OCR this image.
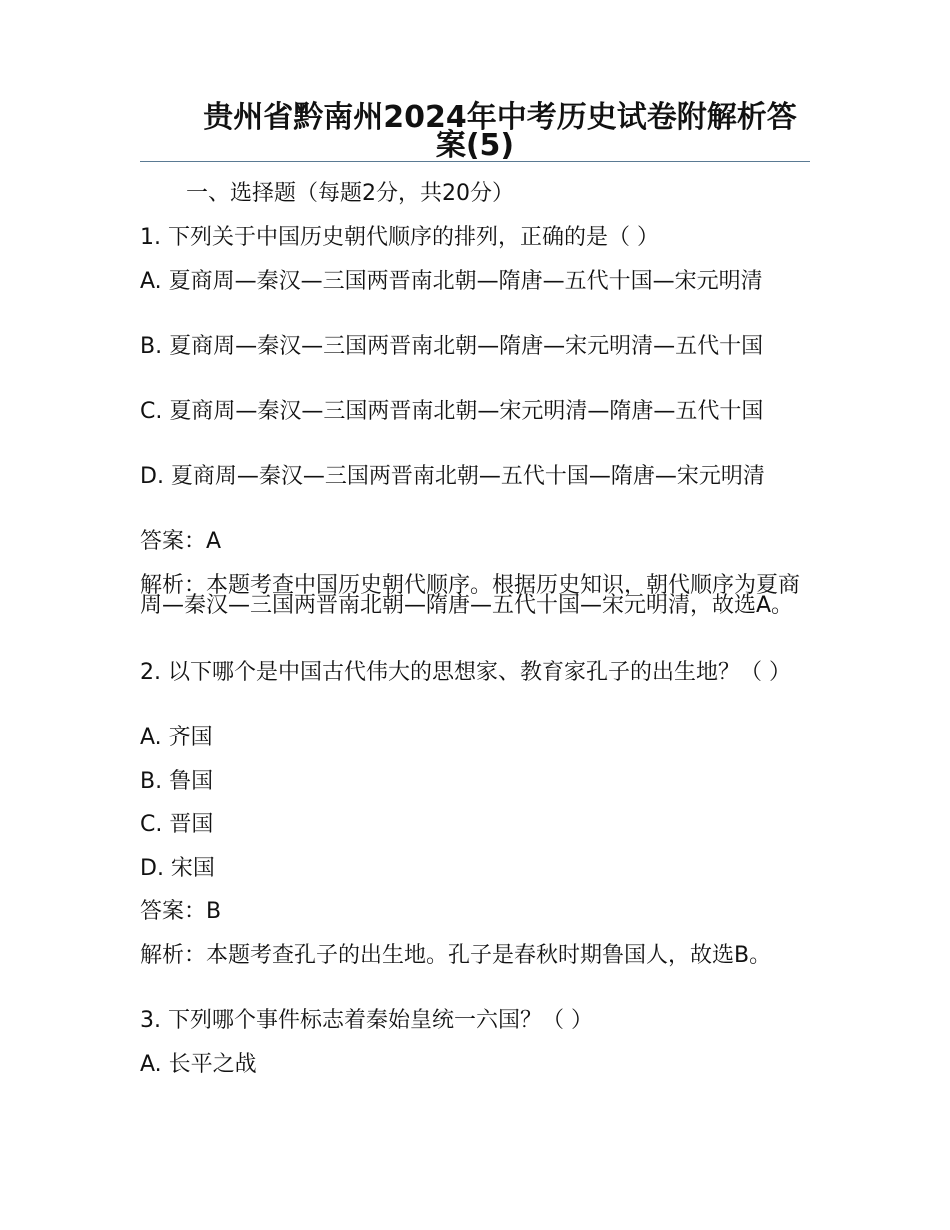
贵州省黔南州2024年中考历史试卷附解析答案(5)

一、选择题（每题2分，共20分）

1. 下列关于中国历史朝代顺序的排列，正确的是（ ）

A. 夏商周—秦汉—三国两晋南北朝—隋唐—五代十国—宋元明清

B. 夏商周—秦汉—三国两晋南北朝—隋唐—宋元明清—五代十国

C. 夏商周—秦汉—三国两晋南北朝—宋元明清—隋唐—五代十国

D. 夏商周—秦汉—三国两晋南北朝—五代十国—隋唐—宋元明清

答案：A

解析：本题考查中国历史朝代顺序。根据历史知识，朝代顺序为夏商周—秦汉—三国两晋南北朝—隋唐—五代十国—宋元明清，故选A。

2. 以下哪个是中国古代伟大的思想家、教育家孔子的出生地？（ ）

A. 齐国

B. 鲁国

C. 晋国

D. 宋国

答案：B

解析：本题考查孔子的出生地。孔子是春秋时期鲁国人，故选B。

3. 下列哪个事件标志着秦始皇统一六国？（ ）

A. 长平之战
